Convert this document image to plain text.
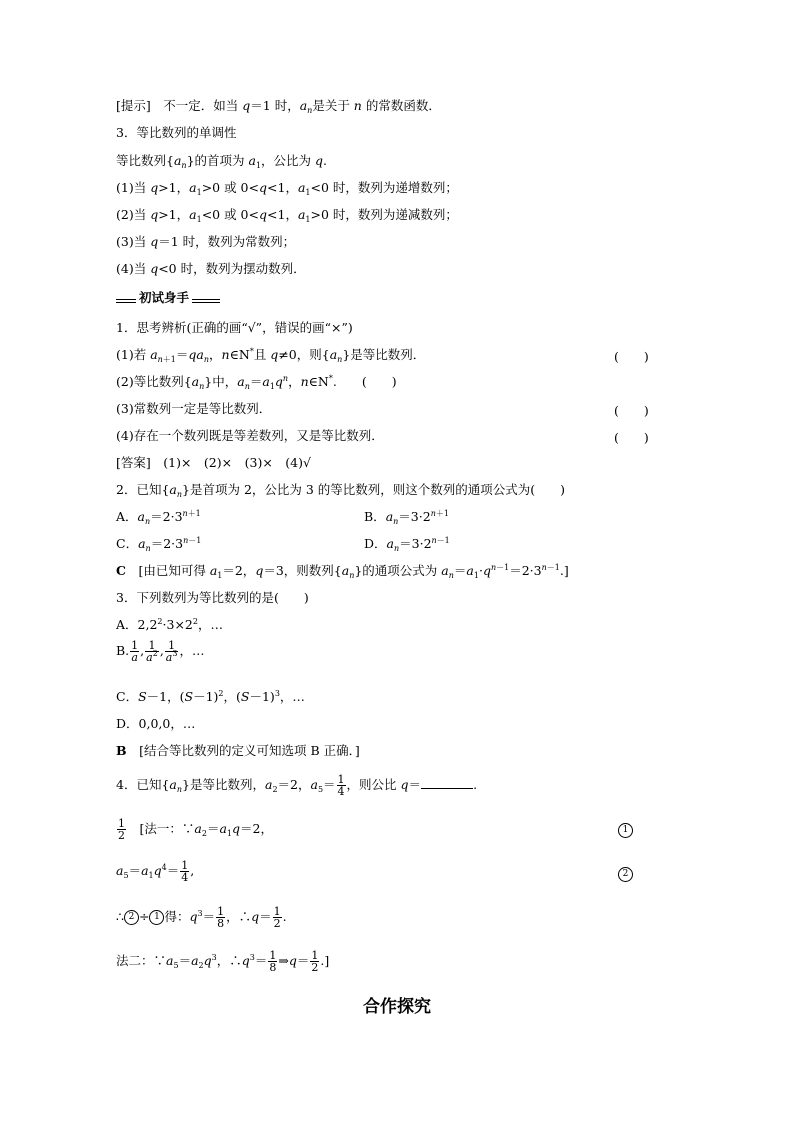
[提示]　不一定．如当 q＝1 时，$a_n$是关于 n 的常数函数．
3．等比数列的单调性
等比数列$\{a_n\}$的首项为 $a_1$，公比为 q.
(1)当 q>1，$a_1>0$ 或 0<q<1，$a_1<0$ 时，数列为递增数列；
(2)当 q>1，$a_1<0$ 或 0<q<1，$a_1>0$ 时，数列为递减数列；
(3)当 q＝1 时，数列为常数列；
(4)当 q<0 时，数列为摆动数列．
初试身手
1．思考辨析(正确的画“√”，错误的画“×”)
(1)若 $a_{n+1}=qa_n$，n∈N*且 q≠0，则$\{a_n\}$是等比数列．	(　　)
(2)等比数列$\{a_n\}$中，$a_n=a_1q^n$，n∈N*.　　(　　)
(3)常数列一定是等比数列．	(　　)
(4)存在一个数列既是等差数列，又是等比数列．	(　　)
[答案]　(1)×　(2)×　(3)×　(4)√
2．已知$\{a_n\}$是首项为 2，公比为 3 的等比数列，则这个数列的通项公式为(　　)
A．$a_n=2\cdot 3^{n+1}$	B．$a_n=3\cdot 2^{n+1}$
C．$a_n=2\cdot 3^{n-1}$	D．$a_n=3\cdot 2^{n-1}$
C　[由已知可得 $a_1=2$，q＝3，则数列$\{a_n\}$的通项公式为 $a_n=a_1\cdot q^{n-1}=2\cdot 3^{n-1}$.]
3．下列数列为等比数列的是(　　)
A．$2,2^2\cdot 3\times 2^2$，…
B. $\frac{1}{a}$ , $\frac{1}{a^2}$ , $\frac{1}{a^3}$ ，…
C．S－1，$(S-1)^2$，$(S-1)^3$，…
D．0,0,0，…
B　 [结合等比数列的定义可知选项 B 正确．]
4．已知$\{a_n\}$是等比数列，$a_2=2$，$a_5= \frac{1}{4}$ ，则公比 q＝	.
$\frac{1}{2}$ 　[法一：$\because a_2=a_1q=2$，	1
$a_5=a_1q^4= \frac{1}{4}$ ,	2
∴ 2 ÷ 1 得：$q^3= \frac{1}{8}$ ，∴q＝ $\frac{1}{2}$ .
法二：$\because a_5=a_2q^3$，$\therefore q^3= \frac{1}{8}$ ⇒q＝ $\frac{1}{2}$ .]
合作探究
